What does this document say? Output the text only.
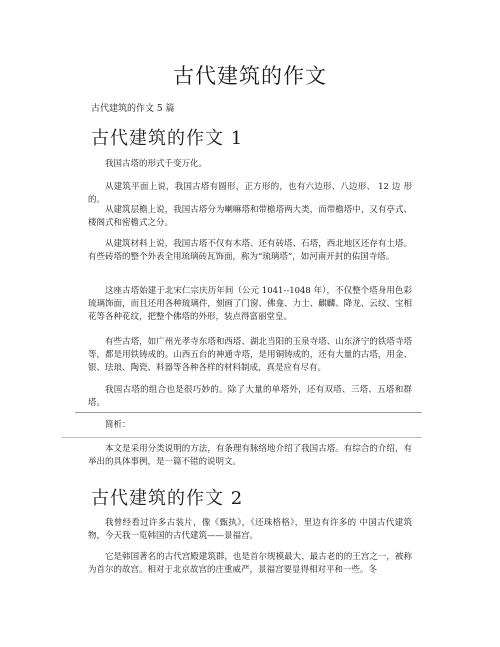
古代建筑的作文

古代建筑的作文 5 篇

古代建筑的作文 1

我国古塔的形式千变万化。

从建筑平面上说，我国古塔有圆形，正方形的，也有六边形、八边形、 12 边 形的。

从建筑层檐上说，我国古塔分为喇嘛塔和带檐塔两大类，而带檐塔中，又有亭式、楼阁式和密檐式之分。

从建筑材料上说，我国古塔不仅有木塔、还有砖塔、石塔，西北地区还存有土塔。有些砖塔的整个外表全用琉璃砖瓦饰面，称为“琉璃塔”，如河南开封的佑国寺塔。

这座古塔始建于北宋仁宗庆历年间（公元 1041--1048 年），不仅整个塔身用色彩琉璃饰面，而且还用各种琉璃件，刻画了门窗、佛龛、力士、麒麟、降龙、云纹、宝相花等各种花纹，把整个佛塔的外形，装点得富丽堂皇。

有些古塔，如广州光孝寺东塔和西塔、湖北当阳的玉泉寺塔、山东济宁的铁塔寺塔等，都是用铁铸成的。山西五台的神通寺塔，是用铜铸成的，还有大量的古塔，用金、银、珐琅、陶瓷、料器等各种各样的材料制成，真是应有尽有。

我国古塔的组合也是很巧妙的。除了大量的单塔外，还有双塔、三塔、五塔和群塔。

简析：

本文是采用分类说明的方法，有条理有脉络地介绍了我国古塔。有综合的介绍，有举出的具体事例，是一篇不错的说明文。

古代建筑的作文 2

我曾经看过许多古装片，像《甄执》，《还珠格格》，里边有许多的 中国古代建筑物，今天我一览韩国的古代建筑——景福宫。

它是韩国著名的古代宫殿建筑群，也是首尔规模最大、最古老的的王宫之一，被称为首尔的故宫。相对于北京故宫的庄重威严，景福宫要显得相对平和一些。冬
